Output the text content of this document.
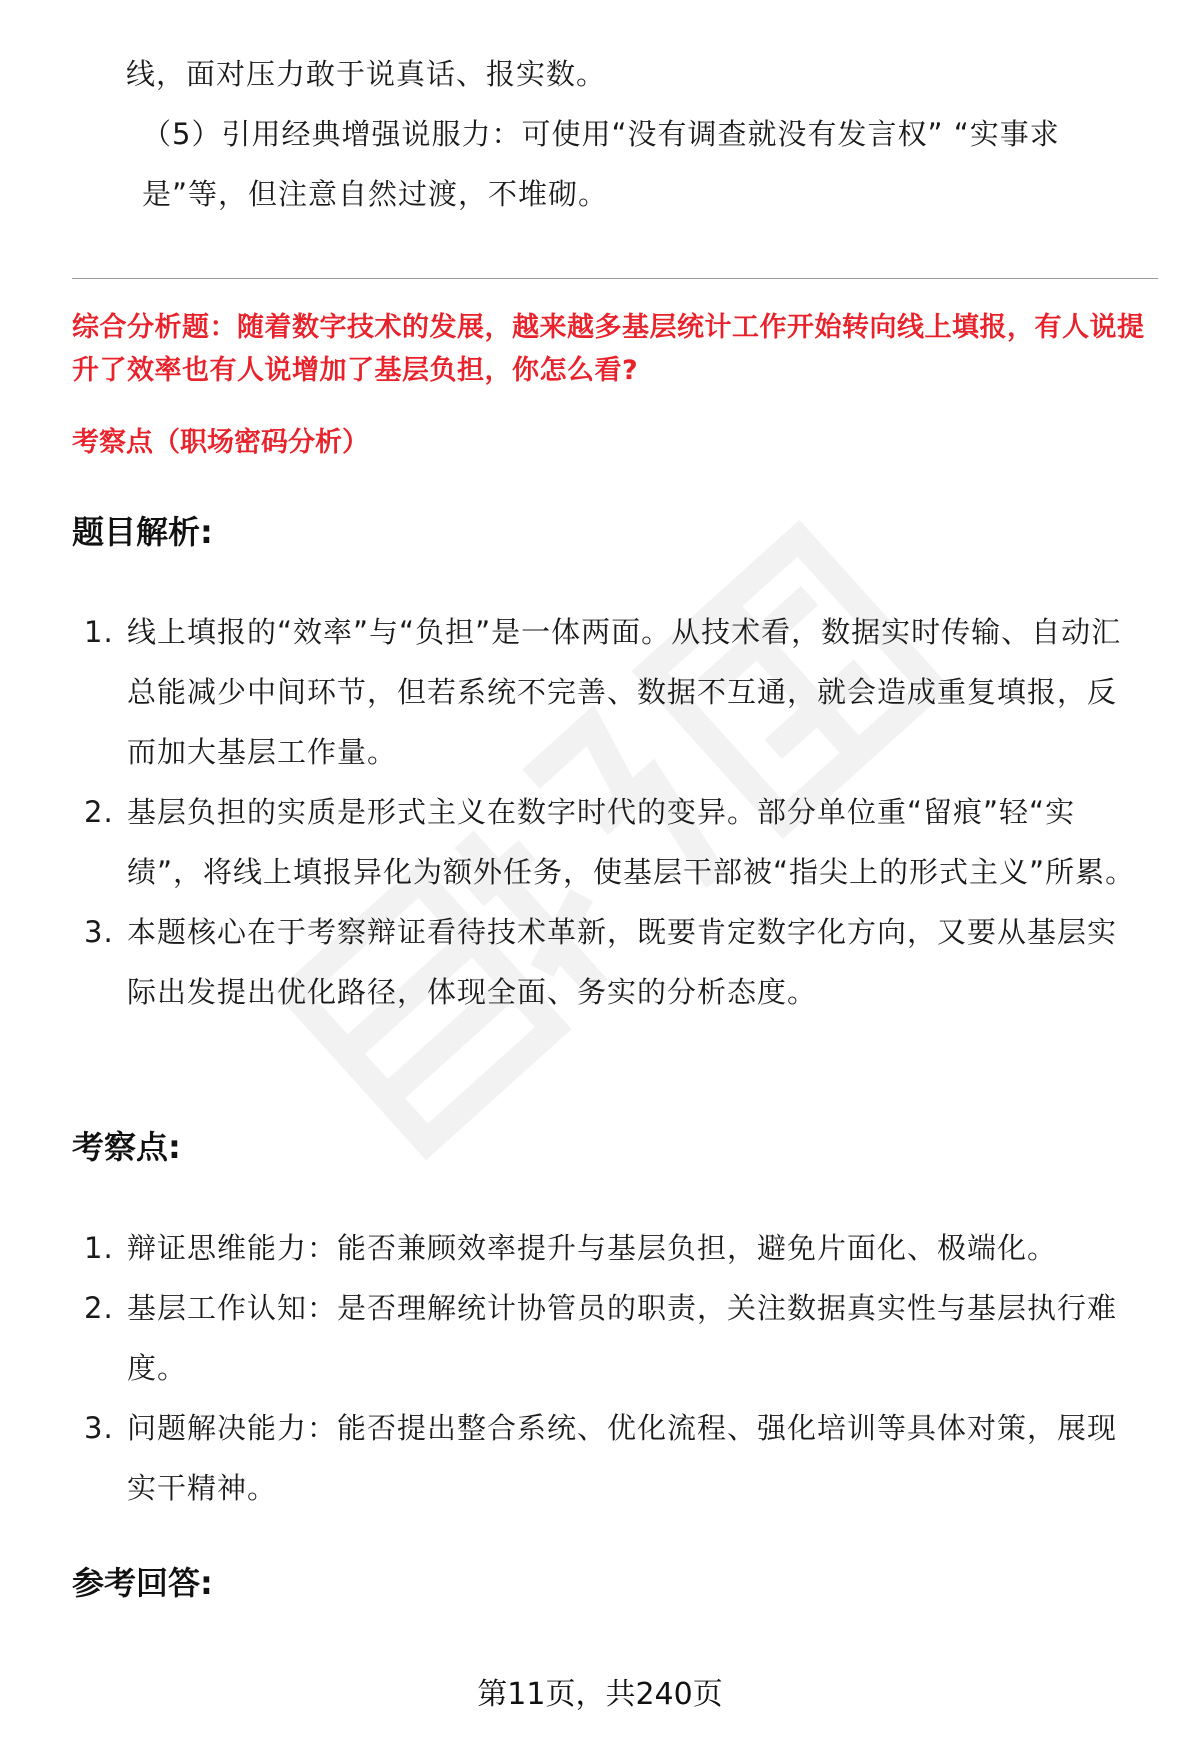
线，面对压力敢于说真话、报实数。
（5）引用经典增强说服力：可使用“没有调查就没有发言权” “实事求是”等，但注意自然过渡，不堆砌。
综合分析题：随着数字技术的发展，越来越多基层统计工作开始转向线上填报，有人说提升了效率也有人说增加了基层负担，你怎么看?
考察点（职场密码分析）
题目解析:
1. 线上填报的“效率”与“负担”是一体两面。从技术看，数据实时传输、自动汇总能减少中间环节，但若系统不完善、数据不互通，就会造成重复填报，反而加大基层工作量。
2. 基层负担的实质是形式主义在数字时代的变异。部分单位重“留痕”轻“实绩”，将线上填报异化为额外任务，使基层干部被“指尖上的形式主义”所累。
3. 本题核心在于考察辩证看待技术革新，既要肯定数字化方向，又要从基层实际出发提出优化路径，体现全面、务实的分析态度。
考察点:
1. 辩证思维能力：能否兼顾效率提升与基层负担，避免片面化、极端化。
2. 基层工作认知：是否理解统计协管员的职责，关注数据真实性与基层执行难度。
3. 问题解决能力：能否提出整合系统、优化流程、强化培训等具体对策，展现实干精神。
参考回答:
第11页，共240页
